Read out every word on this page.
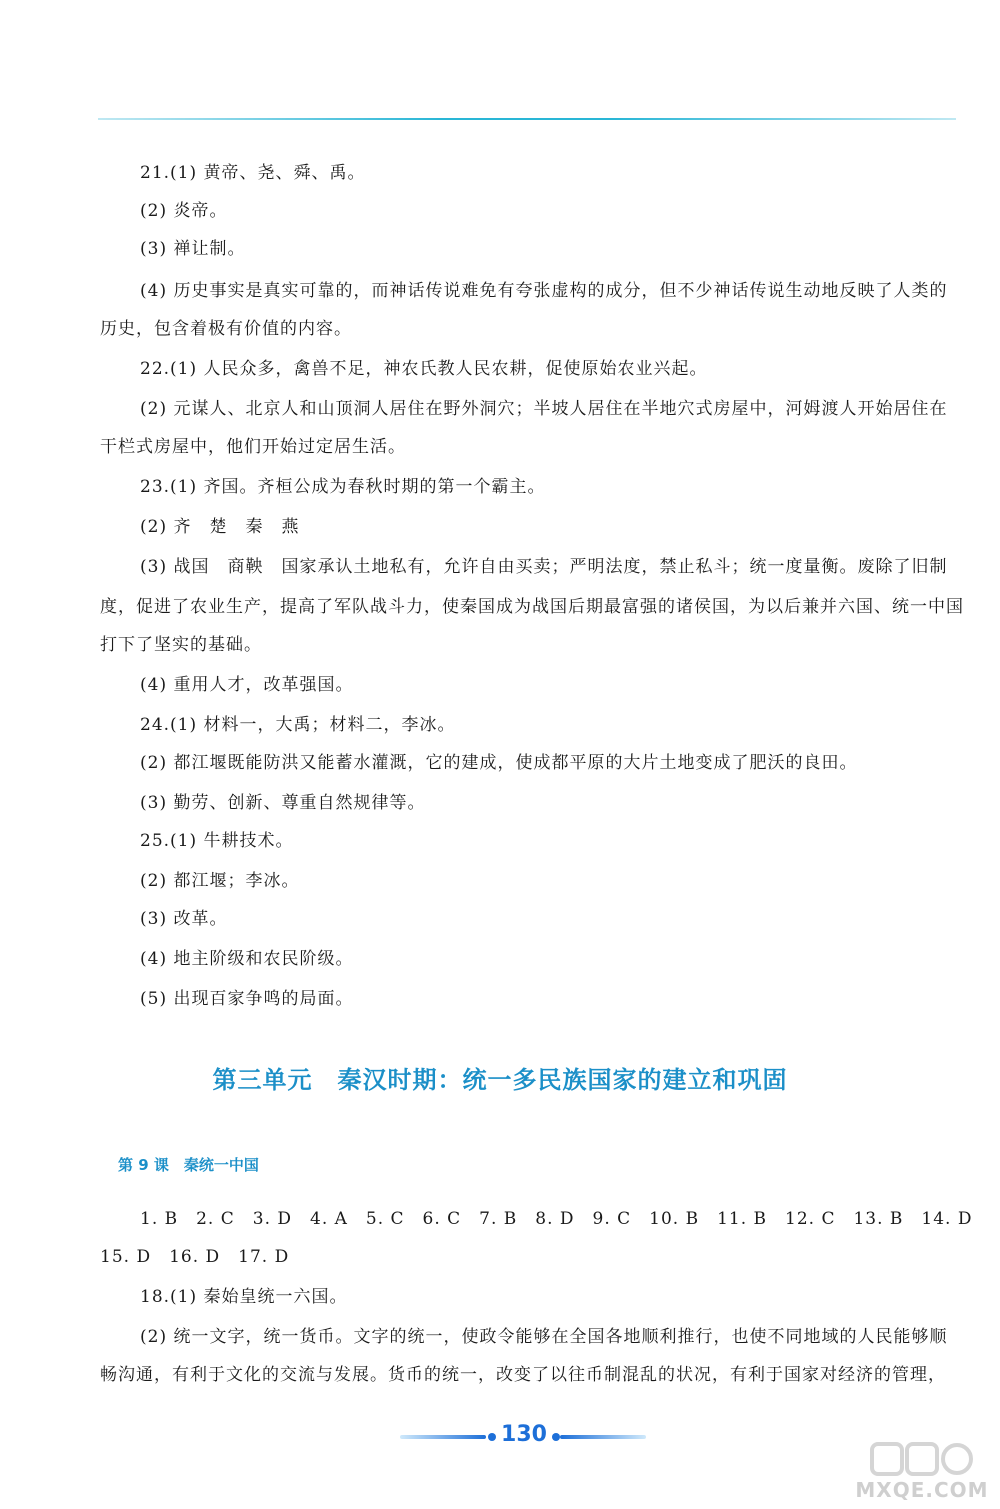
21.(1) 黄帝、尧、舜、禹。
(2) 炎帝。
(3) 禅让制。
(4) 历史事实是真实可靠的，而神话传说难免有夸张虚构的成分，但不少神话传说生动地反映了人类的
历史，包含着极有价值的内容。
22.(1) 人民众多，禽兽不足，神农氏教人民农耕，促使原始农业兴起。
(2) 元谋人、北京人和山顶洞人居住在野外洞穴；半坡人居住在半地穴式房屋中，河姆渡人开始居住在
干栏式房屋中，他们开始过定居生活。
23.(1) 齐国。齐桓公成为春秋时期的第一个霸主。
(2) 齐　楚　秦　燕
(3) 战国　商鞅　国家承认土地私有，允许自由买卖；严明法度，禁止私斗；统一度量衡。废除了旧制
度，促进了农业生产，提高了军队战斗力，使秦国成为战国后期最富强的诸侯国，为以后兼并六国、统一中国
打下了坚实的基础。
(4) 重用人才，改革强国。
24.(1) 材料一，大禹；材料二，李冰。
(2) 都江堰既能防洪又能蓄水灌溉，它的建成，使成都平原的大片土地变成了肥沃的良田。
(3) 勤劳、创新、尊重自然规律等。
25.(1) 牛耕技术。
(2) 都江堰；李冰。
(3) 改革。
(4) 地主阶级和农民阶级。
(5) 出现百家争鸣的局面。
1. B　2. C　3. D　4. A　5. C　6. C　7. B　8. D　9. C　10. B　11. B　12. C　13. B　14. D
15. D　16. D　17. D
18.(1) 秦始皇统一六国。
(2) 统一文字，统一货币。文字的统一，使政令能够在全国各地顺利推行，也使不同地域的人民能够顺
畅沟通，有利于文化的交流与发展。货币的统一，改变了以往币制混乱的状况，有利于国家对经济的管理，
第三单元　秦汉时期：统一多民族国家的建立和巩固
第 9 课　秦统一中国
130
MXQE.COM
